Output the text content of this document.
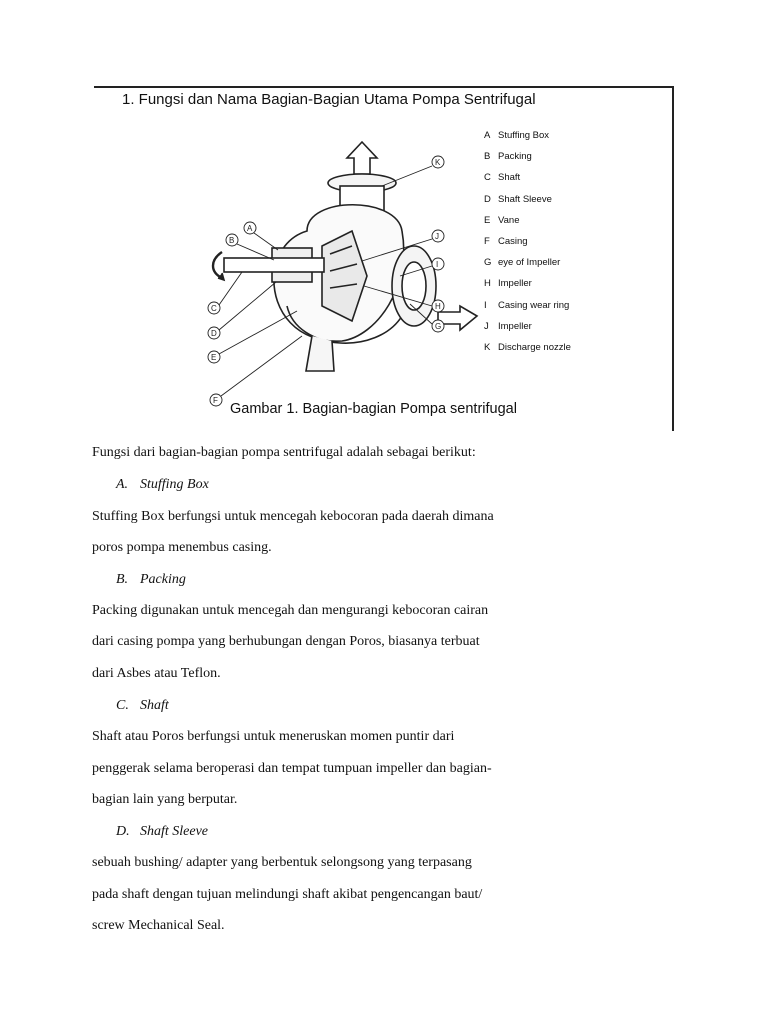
1. Fungsi dan Nama Bagian-Bagian Utama Pompa Sentrifugal
A
B
C
D
E
F
G
H
I
J
K
A Stuffing Box
B Packing
C Shaft
D Shaft Sleeve
E Vane
F Casing
G eye of Impeller
H Impeller
I Casing wear ring
J Impeller
K Discharge nozzle
Gambar 1. Bagian-bagian Pompa sentrifugal

Fungsi dari bagian-bagian pompa sentrifugal adalah sebagai berikut:

A. Stuffing Box

Stuffing Box berfungsi untuk mencegah kebocoran pada daerah dimana

poros pompa menembus casing.

B. Packing

Packing digunakan untuk mencegah dan mengurangi kebocoran cairan

dari casing pompa yang berhubungan dengan Poros, biasanya terbuat

dari Asbes atau Teflon.

C. Shaft

Shaft atau Poros berfungsi untuk meneruskan momen puntir dari

penggerak selama beroperasi dan tempat tumpuan impeller dan bagian-

bagian lain yang berputar.

D. Shaft Sleeve

sebuah bushing/ adapter yang berbentuk selongsong yang terpasang

pada shaft dengan tujuan melindungi shaft akibat pengencangan baut/

screw Mechanical Seal.
